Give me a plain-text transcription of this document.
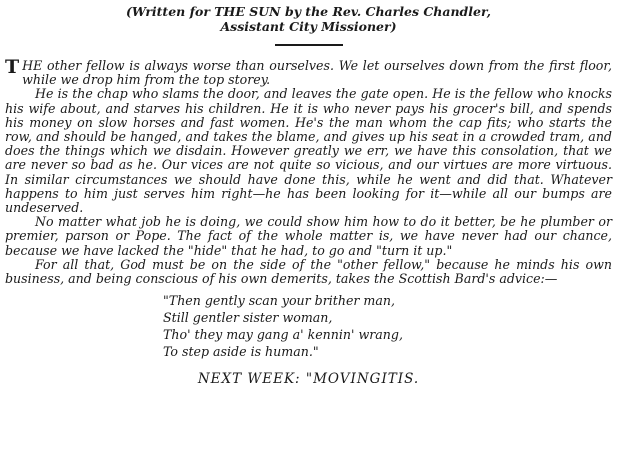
(Written for THE SUN by the Rev. Charles Chandler,
Assistant City Missioner)

THE other fellow is always worse than ourselves. We let ourselves down from the first floor, while we drop him from the top storey.

He is the chap who slams the door, and leaves the gate open. He is the fellow who knocks his wife about, and starves his children. He it is who never pays his grocer's bill, and spends his money on slow horses and fast women. He's the man whom the cap fits; who starts the row, and should be hanged, and takes the blame, and gives up his seat in a crowded tram, and does the things which we disdain. However greatly we err, we have this consolation, that we are never so bad as he. Our vices are not quite so vicious, and our virtues are more virtuous. In similar circumstances we should have done this, while he went and did that. Whatever happens to him just serves him right—he has been looking for it—while all our bumps are undeserved.

No matter what job he is doing, we could show him how to do it better, be he plumber or premier, parson or Pope. The fact of the whole matter is, we have never had our chance, because we have lacked the "hide" that he had, to go and "turn it up."

For all that, God must be on the side of the "other fellow," because he minds his own business, and being conscious of his own demerits, takes the Scottish Bard's advice:—

"Then gently scan your brither man,
Still gentler sister woman,
Tho' they may gang a' kennin' wrang,
To step aside is human."
NEXT WEEK: "MOVINGITIS.
